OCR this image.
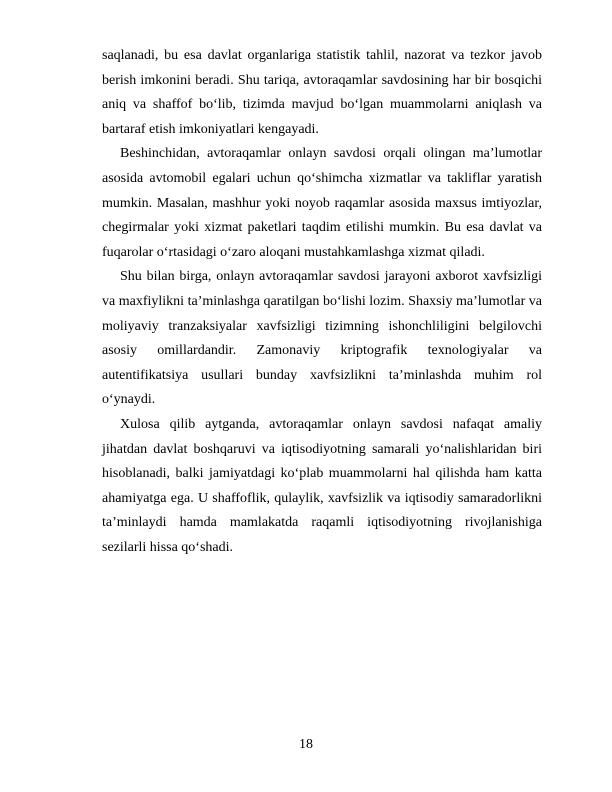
saqlanadi, bu esa davlat organlariga statistik tahlil, nazorat va tezkor javob berish imkonini beradi. Shu tariqa, avtoraqamlar savdosining har bir bosqichi aniq va shaffof bo‘lib, tizimda mavjud bo‘lgan muammolarni aniqlash va bartaraf etish imkoniyatlari kengayadi.

Beshinchidan, avtoraqamlar onlayn savdosi orqali olingan ma’lumotlar asosida avtomobil egalari uchun qo‘shimcha xizmatlar va takliflar yaratish mumkin. Masalan, mashhur yoki noyob raqamlar asosida maxsus imtiyozlar, chegirmalar yoki xizmat paketlari taqdim etilishi mumkin. Bu esa davlat va fuqarolar o‘rtasidagi o‘zaro aloqani mustahkamlashga xizmat qiladi.

Shu bilan birga, onlayn avtoraqamlar savdosi jarayoni axborot xavfsizligi va maxfiylikni ta’minlashga qaratilgan bo‘lishi lozim. Shaxsiy ma’lumotlar va moliyaviy tranzaksiyalar xavfsizligi tizimning ishonchliligini belgilovchi asosiy omillardandir. Zamonaviy kriptografik texnologiyalar va autentifikatsiya usullari bunday xavfsizlikni ta’minlashda muhim rol o‘ynaydi.

Xulosa qilib aytganda, avtoraqamlar onlayn savdosi nafaqat amaliy jihatdan davlat boshqaruvi va iqtisodiyotning samarali yo‘nalishlaridan biri hisoblanadi, balki jamiyatdagi ko‘plab muammolarni hal qilishda ham katta ahamiyatga ega. U shaffoflik, qulaylik, xavfsizlik va iqtisodiy samaradorlikni ta’minlaydi hamda mamlakatda raqamli iqtisodiyotning rivojlanishiga sezilarli hissa qo‘shadi.

18
